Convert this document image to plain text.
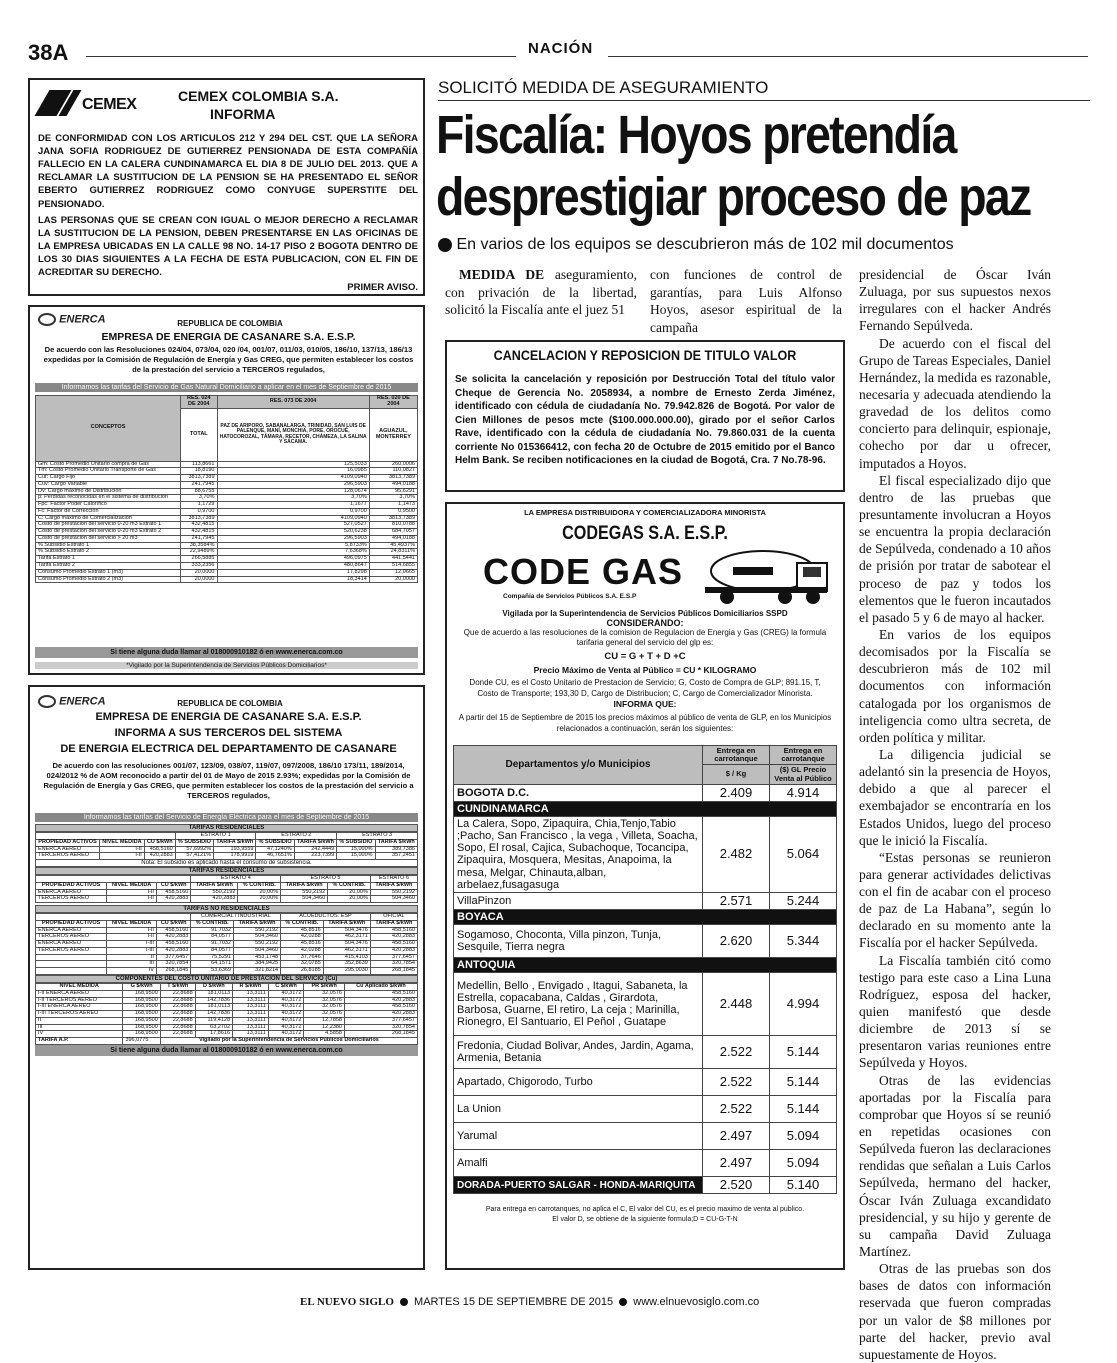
38A	NACIÓN
CEMEX	CEMEX COLOMBIA S.A.
INFORMA
DE CONFORMIDAD CON LOS ARTICULOS 212 Y 294 DEL CST. QUE LA SEÑORA JANA SOFIA RODRIGUEZ DE GUTIERREZ PENSIONADA DE ESTA COMPAÑÍA FALLECIO EN LA CALERA CUNDINAMARCA EL DIA 8 DE JULIO DEL 2013. QUE A RECLAMAR LA SUSTITUCION DE LA PENSION SE HA PRESENTADO EL SEÑOR EBERTO GUTIERREZ RODRIGUEZ COMO CONYUGE SUPERSTITE DEL PENSIONADO.
LAS PERSONAS QUE SE CREAN CON IGUAL O MEJOR DERECHO A RECLAMAR LA SUSTITUCION DE LA PENSION, DEBEN PRESENTARSE EN LAS OFICINAS DE LA EMPRESA UBICADAS EN LA CALLE 98 NO. 14-17 PISO 2 BOGOTA DENTRO DE LOS 30 DIAS SIGUIENTES A LA FECHA DE ESTA PUBLICACION, CON EL FIN DE ACREDITAR SU DERECHO.
PRIMER AVISO.
ENERCA	REPUBLICA DE COLOMBIA
EMPRESA DE ENERGIA DE CASANARE S.A. E.S.P.
De acuerdo con las Resoluciones 024/04, 073/04, 020 /04, 001/07, 011/03, 010/05, 186/10, 137/13, 186/13 expedidas por la Comisión de Regulación de Energía y Gas CREG, que permiten establecer los costos de la prestación del servicio a TERCEROS regulados,
Informamos las tarifas del Servicio de Gas Natural Domiciliario a aplicar en el mes de Septiembre de 2015
CONCEPTOS	RES. 024 DE 2004	RES. 073 DE 2004	RES. 020 DE 2004
	TOTAL	PAZ DE ARIPORO, SABANALARGA, TRINIDAD, SAN LUIS DE PALENQUE, MANÍ, MONCHIA, PORE, OROCUÉ, HATOCOROZAL, TÁMARA, RECETOR, CHÁMEZA, LA SALINA Y SÁCAMA.	AGUAZUL, MONTERREY
Gm: Costo Promedio Unitario compra de Gas	113,8661	125,5033	260,0006
Tm: Costo Promedio Unitario Transporte de Gas	18,8190	16,0985	110,0827
Cuf: Cargo Fijo	3813,7389	4109,0940	3813,7389
Cuv: Cargo Variable	241,7945	296,5903	494,0188
Dv: Cargo máximo de Distribución	88,6755	128,0674	95,6291
p: Pérdidas reconocidas en el sistema de distribución	3,70%	3,70%	3,70%
Fpc: Factor Poder Calorífico	1,1729	1,1677	1,1473
Fc: Factor de Corrección	0,9700	0,9700	0,9500
C: Cargo máximo de Comercialización	3813,7389	4109,0940	3813,7389
Costo de prestacion del servicio 0-20 m3 Estrato 1	432,4815	527,0527	810,0788
Costo de prestacion del servicio 0-20 m3 Estrato 2	432,4815	520,6238	684,7057
Costo de prestacion del servicio > 20 m3	241,7945	296,5903	494,0188
% Subsidio Estrato 1	38,3584%	5,8733%	45,4937%
% Subsidio Estrato 2	22,9489%	7,6368%	24,8311%
Tarifa Estrato 1	266,5885	496,0975	441,5441
Tarifa Estrato 2	333,2356	480,8647	514,6855
Consumo Promedio Estrato 1 (m3)	20,0000	17,8298	12,0665
Consumo Promedio Estrato 2 (m3)	20,0000	18,3414	20,0000
Si tiene alguna duda llamar al 018000910182 ó en www.enerca.com.co
*Vigilado por la Superintendencia de Servicios Públicos Domiciliarios*
ENERCA	REPUBLICA DE COLOMBIA
EMPRESA DE ENERGIA DE CASANARE S.A. E.S.P.
INFORMA A SUS TERCEROS DEL SISTEMA
DE ENERGIA ELECTRICA DEL DEPARTAMENTO DE CASANARE
De acuerdo con las resoluciones 001/07, 123/09, 038/07, 119/07, 097/2008, 186/10 173/11, 189/2014, 024/2012 % de AOM reconocido a partir del 01 de Mayo de 2015 2.93%; expedidas por la Comisión de Regulación de Energía y Gas CREG, que permiten establecer los costos de la prestación del servicio a TERCEROS regulados,
Informamos las tarifas del Servicio de Energía Eléctrica para el mes de Septiembre de 2015
TARIFAS RESIDENCIALES
			ESTRATO 1		ESTRATO 2		ESTRATO 3	
PROPIEDAD ACTIVOS	NIVEL MEDIDA	CU $/kWh	% SUBSIDIO	TARIFA $/kWh	% SUBSIDIO	TARIFA $/kWh	% SUBSIDIO	TARIFA $/kWh
ENERCA AEREO	I-II	458,5160	57,6992%	193,9559	47,1240%	242,4449	15,000%	389,7386
TERCEROS AEREO	I-II	420,2883	57,4121%	178,9919	46,7651%	223,7399	15,000%	357,2451
Nota: El subsidio es aplicado hasta el consumo de subsistencia.
TARIFAS RESIDENCIALES
			ESTRATO 4		ESTRATO 5		ESTRATO 6
PROPIEDAD ACTIVOS	NIVEL MEDIDA	CU $/kWh	TARIFA $/kWh	% CONTRIB.	TARIFA $/kWh	% CONTRIB.	TARIFA $/kWh
ENERCA AEREO	I-II	458,5160	550,2192	20,00%	550,2192	20,00%	550,2192
TERCEROS AEREO	I-II	420,2883	420,2883	20,00%	504,3460	20,00%	504,3460
TARIFAS NO RESIDENCIALES
			COMERCIAL / INDUSTRIAL		ACUEDUCTOS. ESP		OFICIAL
PROPIEDAD ACTIVOS	NIVEL MEDIDA	CU $/kWh	% CONTRIB.	TARIFA $/kWh	% CONTRIB.	TARIFA $/kWh	TARIFA $/kWh
ENERCA AEREO	I-II	458,5160	91,7032	550,2192	45,8516	504,3476	458,5160
TERCEROS AEREO	I-II	420,2883	84,0577	504,3460	42,0288	462,3171	420,2883
ENERCA AEREO	I-III	458,5160	91,7032	550,2192	45,8516	504,3476	458,5160
TERCEROS AEREO	I-III	420,2883	84,0577	504,3460	42,0288	462,3171	420,2883
	II	377,6457	75,5291	453,1748	37,7646	415,4103	377,6457
	III	320,7854	64,1571	384,9425	32,0785	352,8639	320,7854
	IV	268,1845	53,6369	321,8214	26,8185	295,0030	268,1845
COMPONENTES DEL COSTO UNITARIO DE PRESTACION DEL SERVICIO (Cu)
NIVEL MEDIDA	G $/kWh	T $/kWh	D $/kWh	R $/kWh	C $/kWh	PR $/kWh	Cu Aplicado $/kWh
I-II ENERCA AEREO	168,9500	22,8688	181,0113	13,3111	40,3172	32,0576	458,5160
I-II TERCEROS AEREO	168,9500	22,8688	142,7836	13,3111	40,3172	32,0576	420,2883
I-III ENERCA AEREO	168,9500	22,8688	181,0113	13,3111	40,3172	32,0576	458,5160
I-III TERCEROS AEREO	168,9500	22,8688	142,7836	13,3111	40,3172	32,0576	420,2883
II	168,9500	22,8688	119,4128	13,3111	40,3172	12,7858	377,6457
III	168,9500	22,8688	63,2702	13,3111	40,3172	12,2380	320,7854
IV	168,9500	22,8688	17,8616	13,3111	40,3172	4,5858	268,1845
TARIFA A.P.	396,0775	Vigilado por la Superintendencia de Servicios Públicos Domiciliarios					
Si tiene alguna duda llamar al 018000910182 ó en www.enerca.com.co
SOLICITÓ MEDIDA DE ASEGURAMIENTO
Fiscalía: Hoyos pretendía
desprestigiar proceso de paz
En varios de los equipos se descubrieron más de 102 mil documentos
MEDIDA DE aseguramiento, con privación de la libertad, solicitó la Fiscalía ante el juez 51
con funciones de control de garantías, para Luis Alfonso Hoyos, asesor espiritual de la campaña

presidencial de Óscar Iván Zuluaga, por sus supuestos nexos irregulares con el hacker Andrés Fernando Sepúlveda.

De acuerdo con el fiscal del Grupo de Tareas Especiales, Daniel Hernández, la medida es razonable, necesaria y adecuada atendiendo la gravedad de los delitos como concierto para delinquir, espionaje, cohecho por dar u ofrecer, imputados a Hoyos.

El fiscal especializado dijo que dentro de las pruebas que presuntamente involucran a Hoyos se encuentra la propia declaración de Sepúlveda, condenado a 10 años de prisión por tratar de sabotear el proceso de paz y todos los elementos que le fueron incautados el pasado 5 y 6 de mayo al hacker.

En varios de los equipos decomisados por la Fiscalía se descubrieron más de 102 mil documentos con información catalogada por los organismos de inteligencia como ultra secreta, de orden política y militar.

La diligencia judicial se adelantó sin la presencia de Hoyos, debido a que al parecer el exembajador se encontraría en los Estados Unidos, luego del proceso que le inició la Fiscalía.

“Estas personas se reunieron para generar actividades delictivas con el fin de acabar con el proceso de paz de La Habana”, según lo declarado en su momento ante la Fiscalía por el hacker Sepúlveda.

La Fiscalía también citó como testigo para este caso a Lina Luna Rodríguez, esposa del hacker, quien manifestó que desde diciembre de 2013 sí se presentaron varias reuniones entre Sepúlveda y Hoyos.

Otras de las evidencias aportadas por la Fiscalía para comprobar que Hoyos sí se reunió en repetidas ocasiones con Sepúlveda fueron las declaraciones rendidas que señalan a Luis Carlos Sepúlveda, hermano del hacker, Óscar Iván Zuluaga excandidato presidencial, y su hijo y gerente de su campaña David Zuluaga Martínez.

Otras de las pruebas son dos bases de datos con información reservada que fueron compradas por un valor de $8 millones por parte del hacker, previo aval supuestamente de Hoyos.

CANCELACION Y REPOSICION DE TITULO VALOR
Se solicita la cancelación y reposición por Destrucción Total del título valor Cheque de Gerencia No. 2058934, a nombre de Ernesto Zerda Jiménez, identificado con cédula de ciudadanía No. 79.942.826 de Bogotá. Por valor de Cien Millones de pesos mcte ($100.000.000.00), girado por el señor Carlos Rave, identificado con la cédula de ciudadanía No. 79.860.031 de la cuenta corriente No 015366412, con fecha 20 de Octubre de 2015 emitido por el Banco Helm Bank. Se reciben notificaciones en la ciudad de Bogotá, Cra. 7 No.78-96.
LA EMPRESA DISTRIBUIDORA Y COMERCIALIZADORA MINORISTA
CODEGAS S.A. E.S.P.
CODE GAS
Compañía de Servicios Públicos S.A. E.S.P
Vigilada por la Superintendencia de Servicios Públicos Domiciliarios SSPD
CONSIDERANDO:
Que de acuerdo a las resoluciones de la comision de Regulacion de Energia y Gas (CREG) la formula tarifaria general del servicio del glp es:
CU = G + T + D +C
Precio Máximo de Venta al Público = CU * KILOGRAMO
Donde CU, es el Costo Unitario de Prestacion de Servicio; G, Costo de Compra de GLP; 891.15, T, Costo de Transporte; 193,30 D, Cargo de Distribucion; C, Cargo de Comercializador Minorista.
INFORMA QUE:
A partir del 15 de Septiembre de 2015 los precios máximos al público de venta de GLP, en los Municipios relacionados a continuación, serán los siguientes:
Departamentos y/o Municipios	Entrega en carrotanque	Entrega en carrotanque
	$ / Kg	($) GL Precio Venta al Público
BOGOTA D.C.	2.409	4.914
CUNDINAMARCA		
La Calera, Sopo, Zipaquira, Chia,Tenjo,Tabio ;Pacho, San Francisco , la vega , Villeta, Soacha, Sopo, El rosal, Cajica, Subachoque, Tocancipa, Zipaquira, Mosquera, Mesitas, Anapoima, la mesa, Melgar, Chinauta,alban, arbelaez,fusagasuga	2.482	5.064
VillaPinzon	2.571	5.244
BOYACA		
Sogamoso, Choconta, Villa pinzon, Tunja, Sesquile, Tierra negra	2.620	5.344
ANTOQUIA		
Medellin, Bello , Envigado , Itagui, Sabaneta, la Estrella, copacabana, Caldas , Girardota, Barbosa, Guarne, El retiro, La ceja ; Marinilla, Rionegro, El Santuario, El Peñol , Guatape	2.448	4.994
Fredonia, Ciudad Bolivar, Andes, Jardin, Agama, Armenia, Betania	2.522	5.144
Apartado, Chigorodo, Turbo	2.522	5.144
La Union	2.522	5.144
Yarumal	2.497	5.094
Amalfi	2.497	5.094
DORADA-PUERTO SALGAR - HONDA-MARIQUITA	2.520	5.140
Para entrega en carrotanques, no aplica el C, El valor del CU, es el precio maximo de venta al publico.
El valor D, se obtiene de la siguiente formula;D = CU-G-T-N
EL NUEVO SIGLO MARTES 15 DE SEPTIEMBRE DE 2015 www.elnuevosiglo.com.co
